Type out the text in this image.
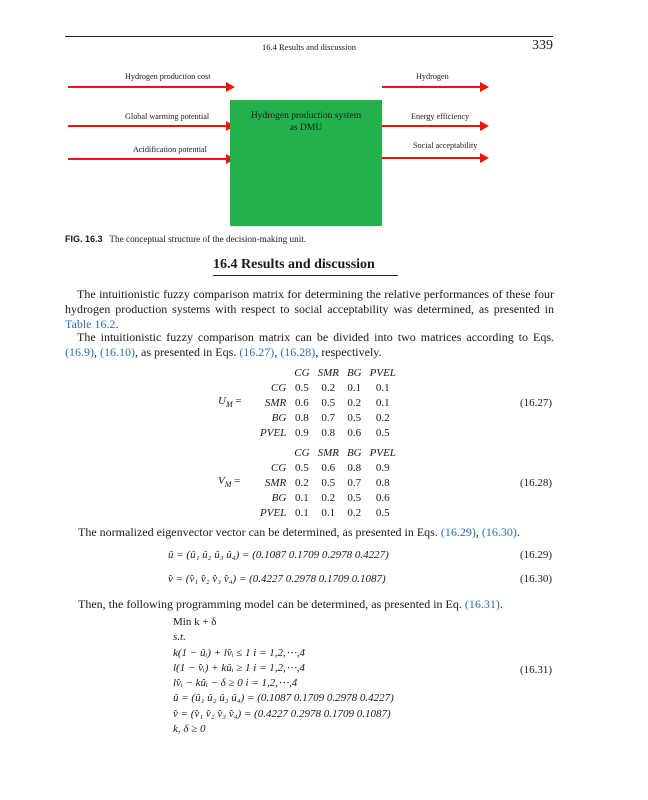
16.4 Results and discussion	339
Hydrogen production cost
Global warming potential
Acidification potential
Hydrogen production system
as DMU
Hydrogen
Energy efficiency
Social acceptability
FIG. 16.3 The conceptual structure of the decision-making unit.
16.4 Results and discussion
The intuitionistic fuzzy comparison matrix for determining the relative performances of these four hydrogen production systems with respect to social acceptability was determined, as presented in Table 16.2.
The intuitionistic fuzzy comparison matrix can be divided into two matrices according to Eqs. (16.9), (16.10), as presented in Eqs. (16.27), (16.28), respectively.
$U_M$ =
	CG	SMR	BG	PVEL
CG	0.5	0.2	0.1	0.1
SMR	0.6	0.5	0.2	0.1
BG	0.8	0.7	0.5	0.2
PVEL	0.9	0.8	0.6	0.5
(16.27)
$V_M$ =
	CG	SMR	BG	PVEL
CG	0.5	0.6	0.8	0.9
SMR	0.2	0.5	0.7	0.8
BG	0.1	0.2	0.5	0.6
PVEL	0.1	0.1	0.2	0.5
(16.28)
The normalized eigenvector vector can be determined, as presented in Eqs. (16.29), (16.30).
û = (û₁ û₂ û₃ û₄) = (0.1087 0.1709 0.2978 0.4227)	(16.29)
v̂ = (v̂₁ v̂₂ v̂₃ v̂₄) = (0.4227 0.2978 0.1709 0.1087)	(16.30)
Then, the following programming model can be determined, as presented in Eq. (16.31).
Min k + δ
s.t.
k(1 − ûᵢ) + lv̂ᵢ ≤ 1 i = 1,2,⋯,4
l(1 − v̂ᵢ) + kûᵢ ≥ 1 i = 1,2,⋯,4
lv̂ᵢ − kûᵢ − δ ≥ 0 i = 1,2,⋯,4
û = (û₁ û₂ û₃ û₄) = (0.1087 0.1709 0.2978 0.4227)
v̂ = (v̂₁ v̂₂ v̂₃ v̂₄) = (0.4227 0.2978 0.1709 0.1087)
k, δ ≥ 0
(16.31)
